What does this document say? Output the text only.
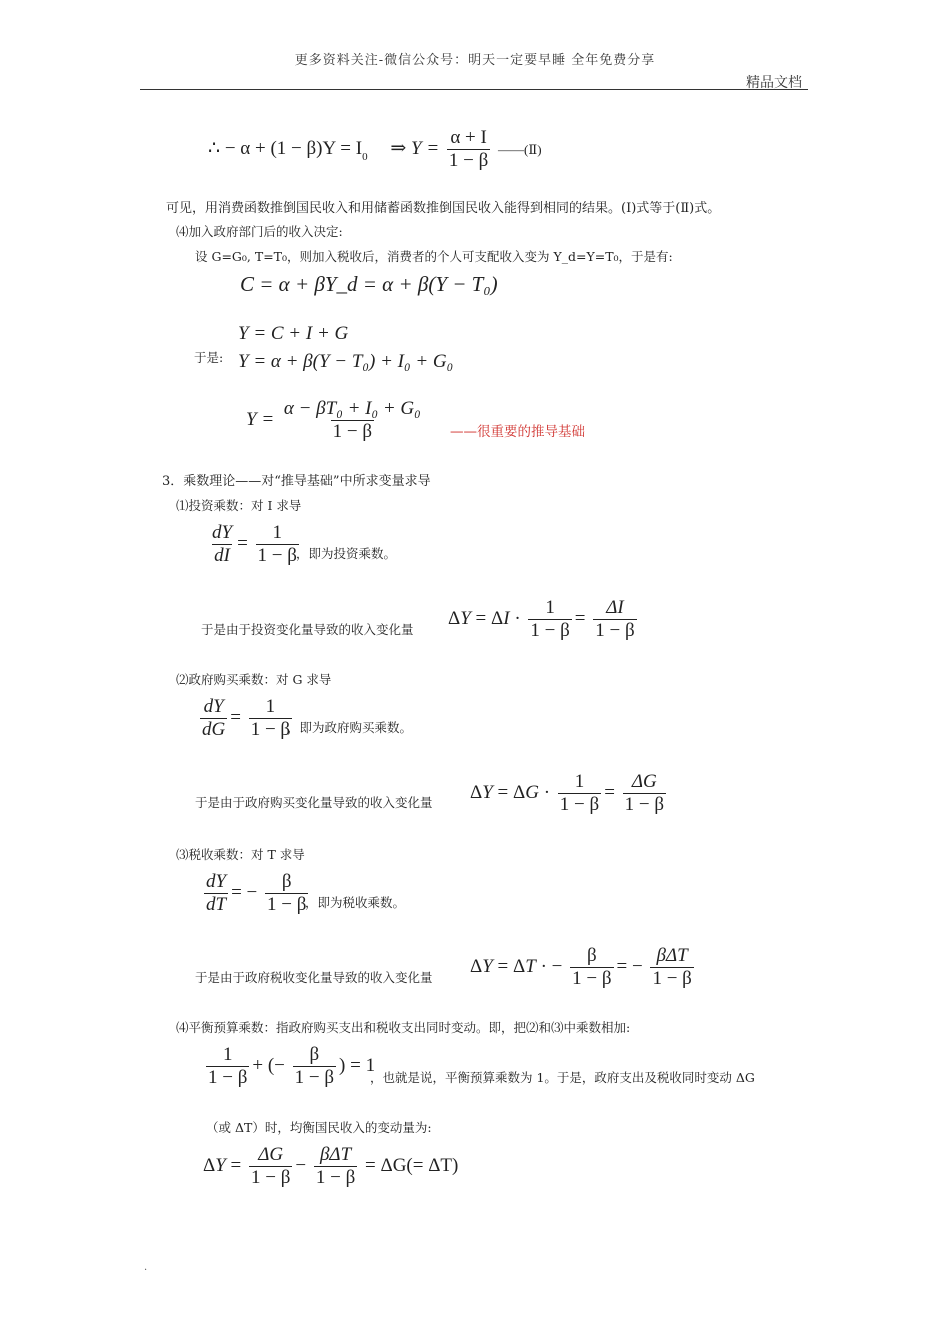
更多资料关注-微信公众号：明天一定要早睡 全年免费分享
精品文档
∴ − $\alpha + (1 - \beta)Y = I_0$ ⇒ $Y = \frac{\alpha + I}{1 - \beta}$ ——(Ⅱ)
可见，用消费函数推倒国民收入和用储蓄函数推倒国民收入能得到相同的结果。(Ⅰ)式等于(Ⅱ)式。
⑷加入政府部门后的收入决定:
设 G=G₀, T=T₀，则加入税收后，消费者的个人可支配收入变为 Y_d=Y=T₀，于是有:
C = α + βY_d = α + β(Y − T₀)
Y = C + I + G
于是: Y = α + β(Y − T₀) + I₀ + G₀
$Y = \frac{\text{α − βT₀ + I₀ + G₀}}{1 - \beta}$ ——很重要的推导基础
3．乘数理论——对“推导基础”中所求变量求导
⑴投资乘数：对 I 求导
$\frac{dY}{dI} = \frac{1}{1 - \beta}$
，即为投资乘数。
于是由于投资变化量导致的收入变化量
$\Delta Y = \Delta I \cdot \frac{1}{1 - \beta} = \frac{\Delta I}{1 - \beta}$
⑵政府购买乘数：对 G 求导
$\frac{dY}{dG} = \frac{1}{1 - \beta}$
，即为政府购买乘数。
于是由于政府购买变化量导致的收入变化量 $\Delta Y = \Delta G \cdot \frac{1}{1 - \beta} = \frac{\Delta G}{1 - \beta}$
⑶税收乘数：对 T 求导
$\frac{dY}{dT}$ = − $\frac{\beta}{1 - \beta}$
，即为税收乘数。
于是由于政府税收变化量导致的收入变化量
ΔY = ΔT · − $\frac{\beta}{1 - \beta}$ = − $\frac{\text{βΔT}}{1 - \beta}$
⑷平衡预算乘数：指政府购买支出和税收支出同时变动。即，把⑵和⑶中乘数相加:
$\frac{1}{1 - \beta}$ + (− $\frac{\beta}{1 - \beta}$ ) = 1
，也就是说，平衡预算乘数为 1。于是，政府支出及税收同时变动 ΔG
（或 ΔT）时，均衡国民收入的变动量为:
$\Delta Y = \frac{\Delta G}{1 - \beta} - \frac{\text{βΔT}}{1 - \beta} = \Delta G(= \Delta T)$
.
